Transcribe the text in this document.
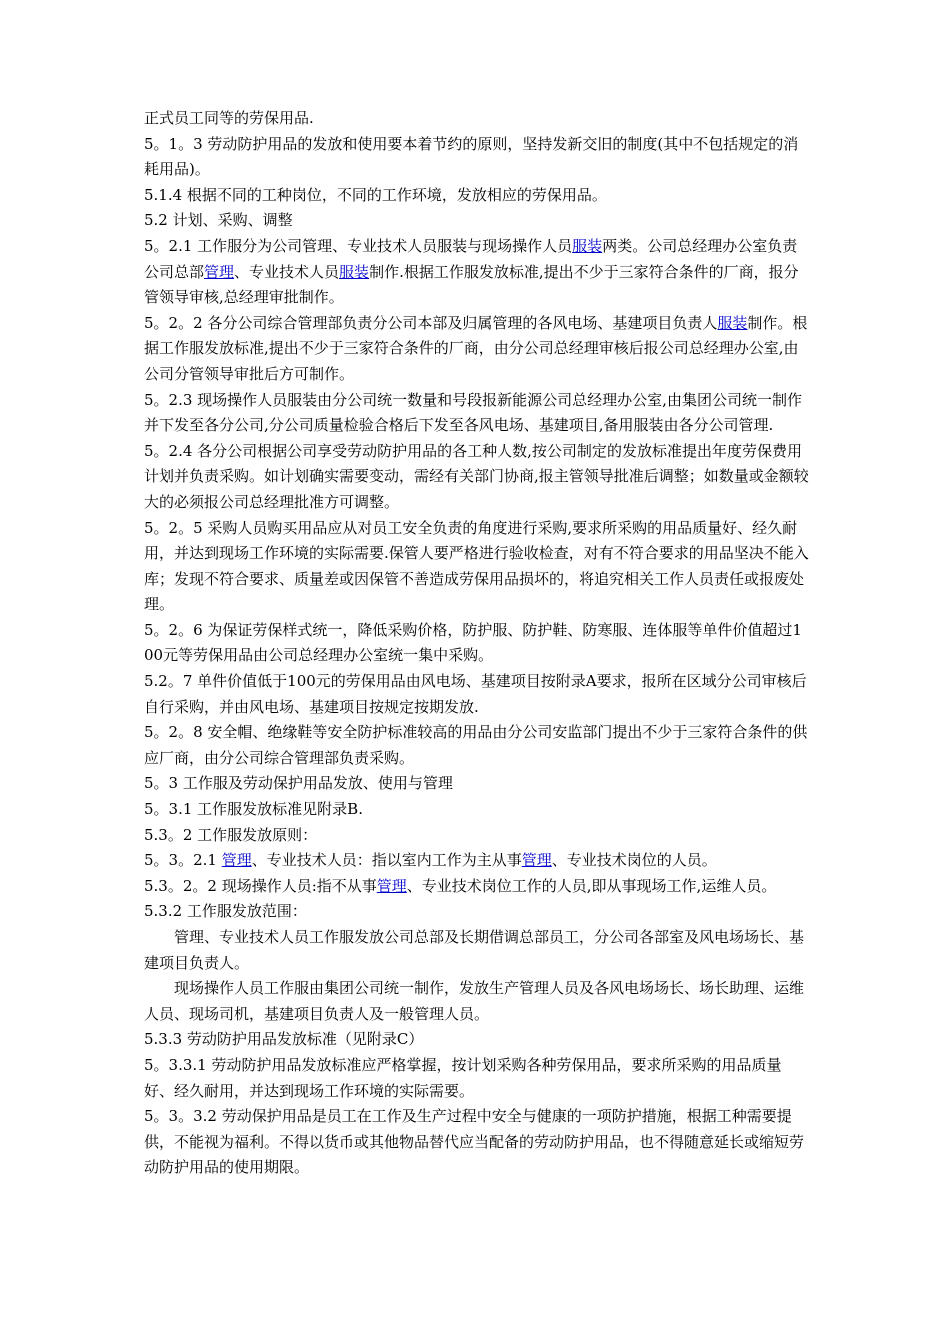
正式员工同等的劳保用品.

5。1。3 劳动防护用品的发放和使用要本着节约的原则，坚持发新交旧的制度(其中不包括规定的消耗用品)。

5.1.4 根据不同的工种岗位，不同的工作环境，发放相应的劳保用品。

5.2 计划、采购、调整

5。2.1 工作服分为公司管理、专业技术人员服装与现场操作人员服装两类。公司总经理办公室负责公司总部管理、专业技术人员服装制作.根据工作服发放标准,提出不少于三家符合条件的厂商，报分管领导审核,总经理审批制作。

5。2。2 各分公司综合管理部负责分公司本部及归属管理的各风电场、基建项目负责人服装制作。根据工作服发放标准,提出不少于三家符合条件的厂商，由分公司总经理审核后报公司总经理办公室,由公司分管领导审批后方可制作。

5。2.3 现场操作人员服装由分公司统一数量和号段报新能源公司总经理办公室,由集团公司统一制作并下发至各分公司,分公司质量检验合格后下发至各风电场、基建项目,备用服装由各分公司管理.

5。2.4 各分公司根据公司享受劳动防护用品的各工种人数,按公司制定的发放标准提出年度劳保费用计划并负责采购。如计划确实需要变动，需经有关部门协商,报主管领导批准后调整；如数量或金额较大的必须报公司总经理批准方可调整。

5。2。5 采购人员购买用品应从对员工安全负责的角度进行采购,要求所采购的用品质量好、经久耐用，并达到现场工作环境的实际需要.保管人要严格进行验收检查，对有不符合要求的用品坚决不能入库；发现不符合要求、质量差或因保管不善造成劳保用品损坏的，将追究相关工作人员责任或报废处理。

5。2。6 为保证劳保样式统一，降低采购价格，防护服、防护鞋、防寒服、连体服等单件价值超过100元等劳保用品由公司总经理办公室统一集中采购。

5.2。7 单件价值低于100元的劳保用品由风电场、基建项目按附录A要求，报所在区域分公司审核后自行采购，并由风电场、基建项目按规定按期发放.

5。2。8 安全帽、绝缘鞋等安全防护标准较高的用品由分公司安监部门提出不少于三家符合条件的供应厂商，由分公司综合管理部负责采购。

5。3 工作服及劳动保护用品发放、使用与管理

5。3.1 工作服发放标准见附录B.

5.3。2 工作服发放原则：

5。3。2.1 管理、专业技术人员：指以室内工作为主从事管理、专业技术岗位的人员。

5.3。2。2 现场操作人员:指不从事管理、专业技术岗位工作的人员,即从事现场工作,运维人员。

5.3.2 工作服发放范围：

管理、专业技术人员工作服发放公司总部及长期借调总部员工，分公司各部室及风电场场长、基建项目负责人。

现场操作人员工作服由集团公司统一制作，发放生产管理人员及各风电场场长、场长助理、运维人员、现场司机，基建项目负责人及一般管理人员。

5.3.3 劳动防护用品发放标准（见附录C）

5。3.3.1 劳动防护用品发放标准应严格掌握，按计划采购各种劳保用品，要求所采购的用品质量好、经久耐用，并达到现场工作环境的实际需要。

5。3。3.2 劳动保护用品是员工在工作及生产过程中安全与健康的一项防护措施，根据工种需要提供，不能视为福利。不得以货币或其他物品替代应当配备的劳动防护用品，也不得随意延长或缩短劳动防护用品的使用期限。
